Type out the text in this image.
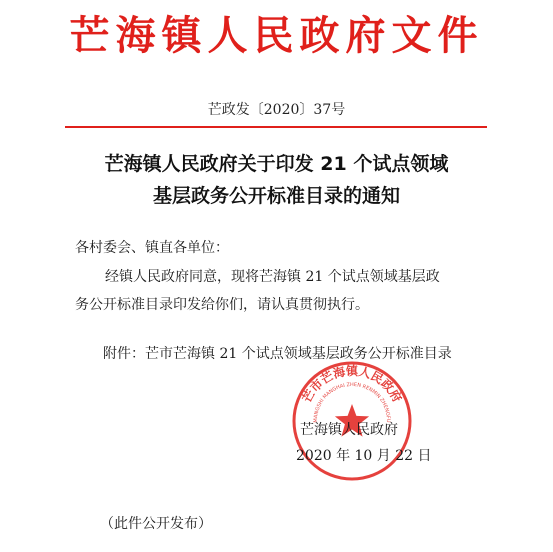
芒海镇人民政府文件
芒政发〔2020〕37号
芒海镇人民政府关于印发 21 个试点领域
基层政务公开标准目录的通知
各村委会、镇直各单位：
经镇人民政府同意，现将芒海镇 21 个试点领域基层政
务公开标准目录印发给你们，请认真贯彻执行。
附件：芒市芒海镇 21 个试点领域基层政务公开标准目录
芒市芒海镇人民政府
MANGSHI MANGHAI ZHEN RENMIN ZHENGFU
芒海镇人民政府
2020 年 10 月 22 日
（此件公开发布）
